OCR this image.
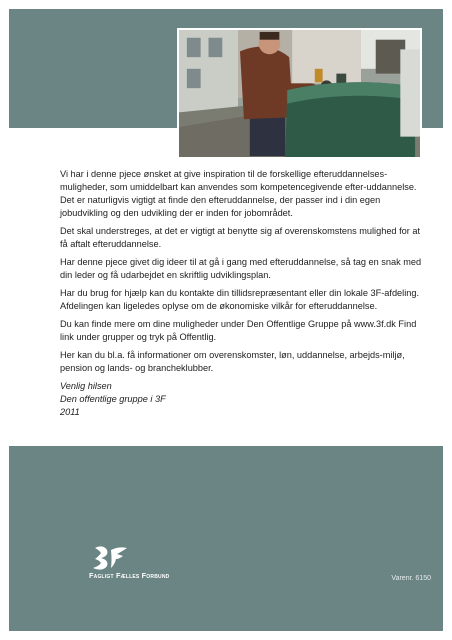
Vi har i denne pjece ønsket at give inspiration til de forskellige efteruddannelses-muligheder, som umiddelbart kan anvendes som kompetencegivende efter-uddannelse. Det er naturligvis vigtigt at finde den efteruddannelse, der passer ind i din egen jobudvikling og den udvikling der er inden for jobområdet.

Det skal understreges, at det er vigtigt at benytte sig af overenskomstens mulighed for at få aftalt efteruddannelse.

Har denne pjece givet dig ideer til at gå i gang med efteruddannelse, så tag en snak med din leder og få udarbejdet en skriftlig udviklingsplan.

Har du brug for hjælp kan du kontakte din tillidsrepræsentant eller din lokale 3F-afdeling. Afdelingen kan ligeledes oplyse om de økonomiske vilkår for efteruddannelse.

Du kan finde mere om dine muligheder under Den Offentlige Gruppe på www.3f.dk Find link under grupper og tryk på Offentlig.

Her kan du bl.a. få informationer om overenskomster, løn, uddannelse, arbejds-miljø, pension og lands- og brancheklubber.

Venlig hilsen
Den offentlige gruppe i 3F
2011
Fagligt Fælles Forbund	Varenr. 6150
